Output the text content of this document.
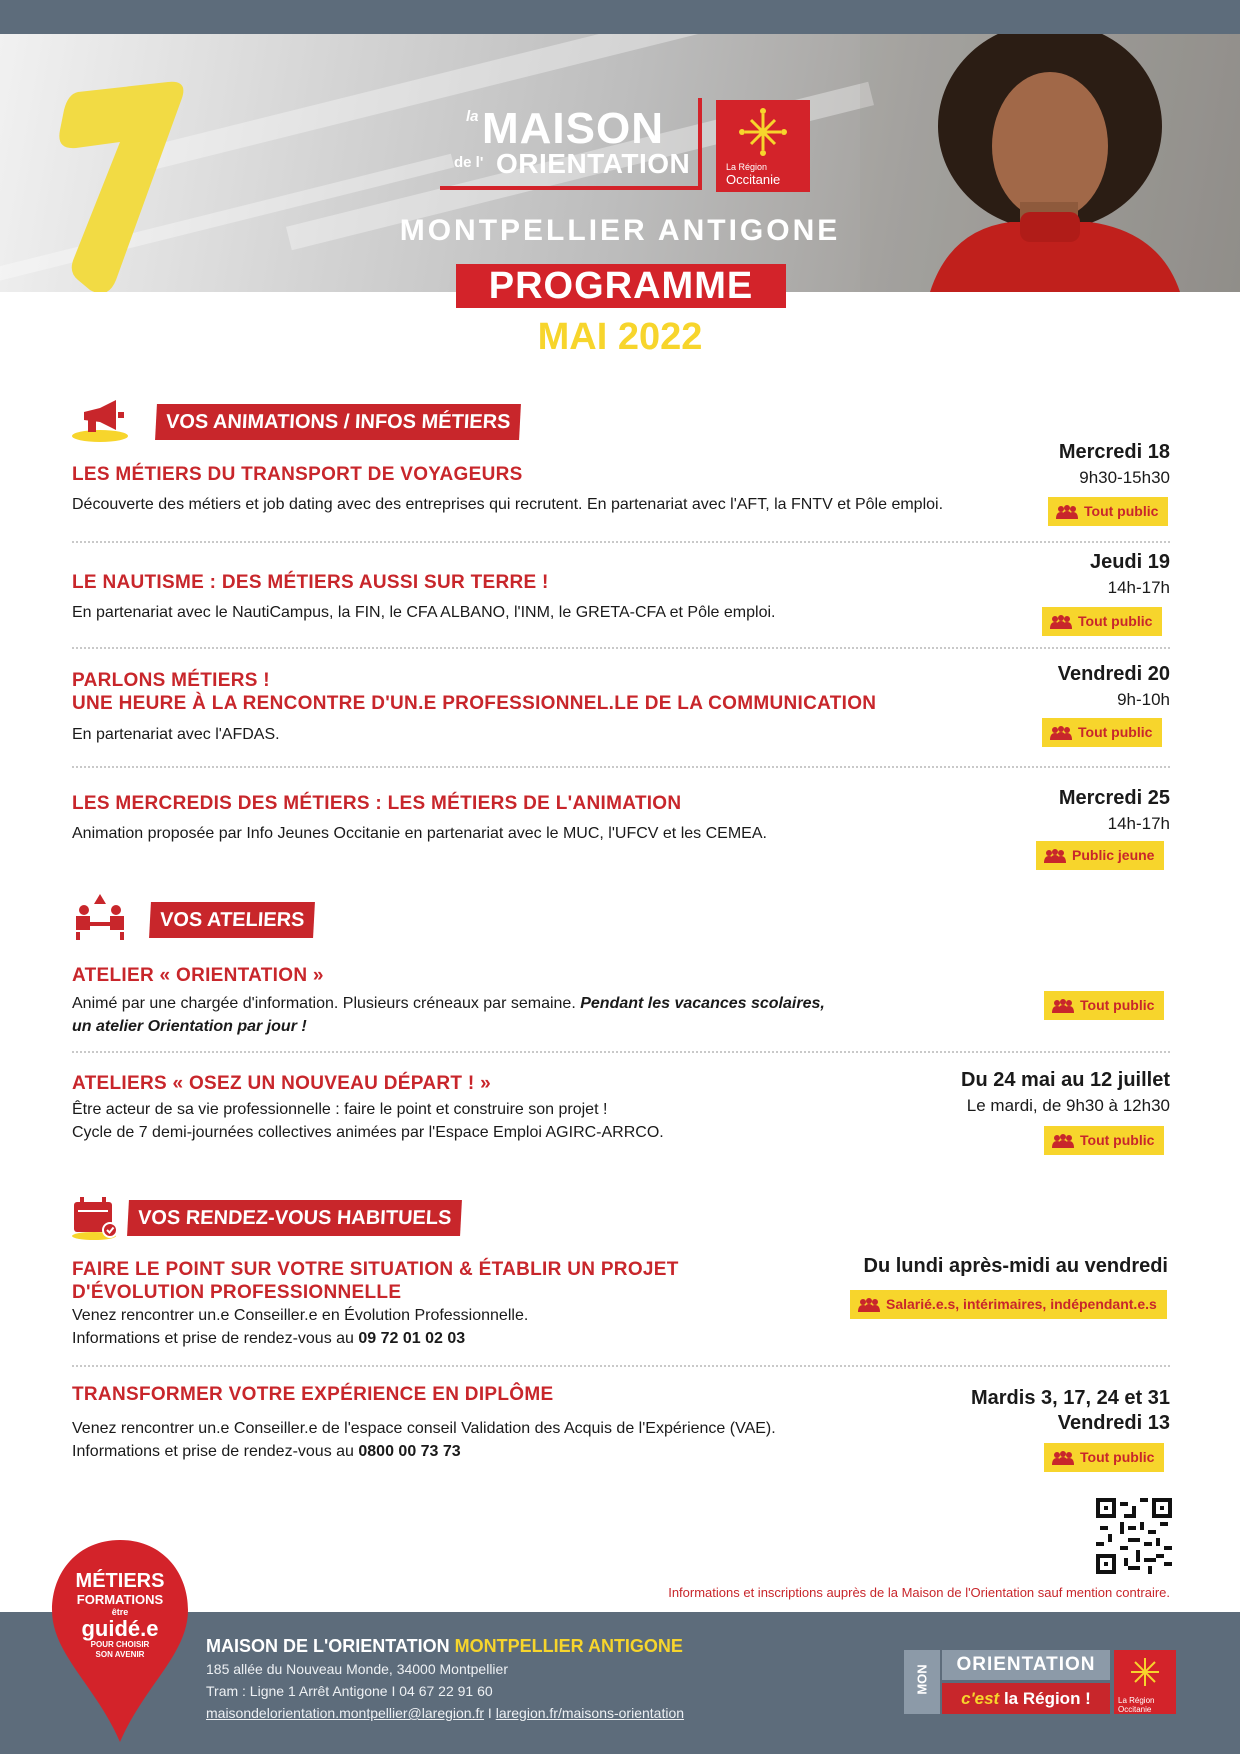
la MAISON
de l' ORIENTATION	La Région
Occitanie
MONTPELLIER ANTIGONE
PROGRAMME
MAI 2022
VOS ANIMATIONS / INFOS MÉTIERS
LES MÉTIERS DU TRANSPORT DE VOYAGEURS
Découverte des métiers et job dating avec des entreprises qui recrutent. En partenariat avec l'AFT, la FNTV et Pôle emploi.
Mercredi 18
9h30-15h30
Tout public
LE NAUTISME : DES MÉTIERS AUSSI SUR TERRE !
En partenariat avec le NautiCampus, la FIN, le CFA ALBANO, l'INM, le GRETA-CFA et Pôle emploi.
Jeudi 19
14h-17h
Tout public
PARLONS MÉTIERS !
UNE HEURE À LA RENCONTRE D'UN.E PROFESSIONNEL.LE DE LA COMMUNICATION
En partenariat avec l'AFDAS.
Vendredi 20
9h-10h
Tout public
LES MERCREDIS DES MÉTIERS : LES MÉTIERS DE L'ANIMATION
Animation proposée par Info Jeunes Occitanie en partenariat avec le MUC, l'UFCV et les CEMEA.
Mercredi 25
14h-17h
Public jeune
VOS ATELIERS
ATELIER « ORIENTATION »
Animé par une chargée d'information. Plusieurs créneaux par semaine. Pendant les vacances scolaires,
un atelier Orientation par jour !
Tout public
ATELIERS « OSEZ UN NOUVEAU DÉPART ! »
Être acteur de sa vie professionnelle : faire le point et construire son projet !
Cycle de 7 demi-journées collectives animées par l'Espace Emploi AGIRC-ARRCO.
Du 24 mai au 12 juillet
Le mardi, de 9h30 à 12h30
Tout public
VOS RENDEZ-VOUS HABITUELS
FAIRE LE POINT SUR VOTRE SITUATION & ÉTABLIR UN PROJET
D'ÉVOLUTION PROFESSIONNELLE
Venez rencontrer un.e Conseiller.e en Évolution Professionnelle.
Informations et prise de rendez-vous au 09 72 01 02 03
Du lundi après-midi au vendredi
Salarié.e.s, intérimaires, indépendant.e.s
TRANSFORMER VOTRE EXPÉRIENCE EN DIPLÔME
Venez rencontrer un.e Conseiller.e de l'espace conseil Validation des Acquis de l'Expérience (VAE).
Informations et prise de rendez-vous au 0800 00 73 73
Mardis 3, 17, 24 et 31
Vendredi 13
Tout public
Informations et inscriptions auprès de la Maison de l'Orientation sauf mention contraire.
MÉTIERS
FORMATIONS
être
guidé.e
POUR CHOISIR
SON AVENIR	MAISON DE L'ORIENTATION MONTPELLIER ANTIGONE
185 allée du Nouveau Monde, 34000 Montpellier
Tram : Ligne 1 Arrêt Antigone I 04 67 22 91 60
maisondelorientation.montpellier@laregion.fr I laregion.fr/maisons-orientation
MON	ORIENTATION
c'est la Région !	La Région Occitanie
